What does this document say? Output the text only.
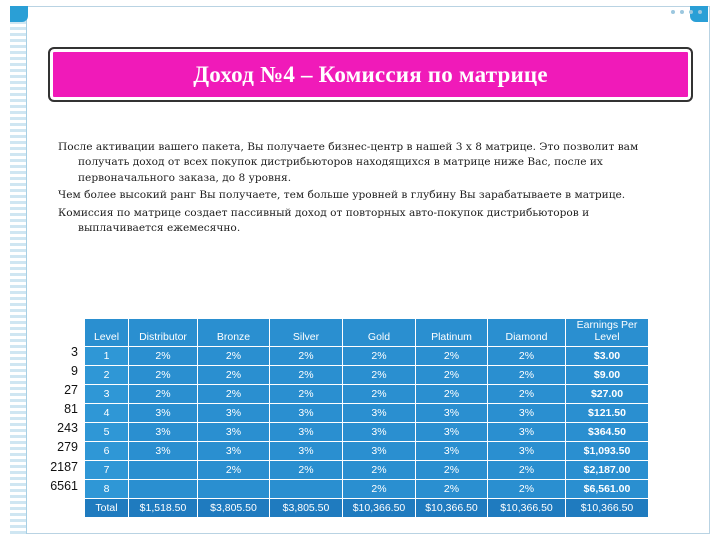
Доход №4 – Комиссия по матрице

После активации вашего пакета, Вы получаете бизнес-центр в нашей 3 х 8 матрице. Это позволит вам получать доход от всех покупок дистрибьюторов находящихся в матрице ниже Вас, после их первоначального заказа, до 8 уровня.

Чем более высокий ранг Вы получаете, тем больше уровней в глубину Вы зарабатываете в матрице.

Комиссия по матрице создает пассивный доход от повторных авто-покупок дистрибьюторов и выплачивается ежемесячно.

3
9
27
81
243
279
2187
6561
Level	Distributor	Bronze	Silver	Gold	Platinum	Diamond	Earnings Per Level
1	2%	2%	2%	2%	2%	2%	$3.00
2	2%	2%	2%	2%	2%	2%	$9.00
3	2%	2%	2%	2%	2%	2%	$27.00
4	3%	3%	3%	3%	3%	3%	$121.50
5	3%	3%	3%	3%	3%	3%	$364.50
6	3%	3%	3%	3%	3%	3%	$1,093.50
7		2%	2%	2%	2%	2%	$2,187.00
8				2%	2%	2%	$6,561.00
Total	$1,518.50	$3,805.50	$3,805.50	$10,366.50	$10,366.50	$10,366.50	$10,366.50
